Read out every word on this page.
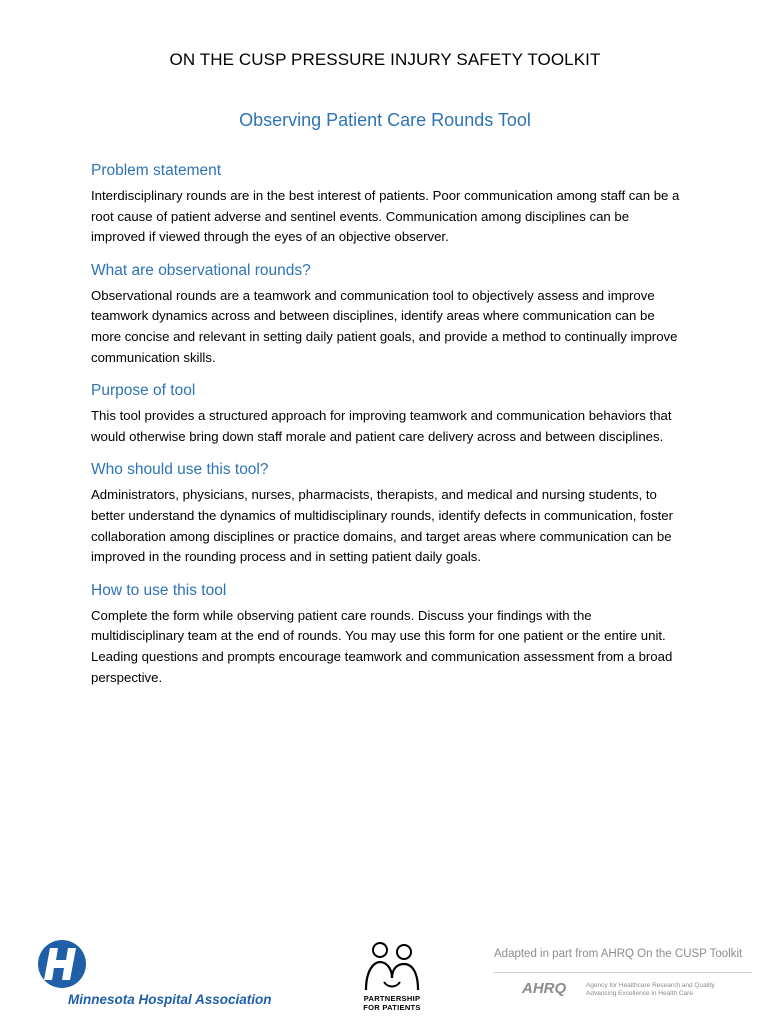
ON THE CUSP PRESSURE INJURY SAFETY TOOLKIT
Observing Patient Care Rounds Tool
Problem statement

Interdisciplinary rounds are in the best interest of patients. Poor communication among staff can be a root cause of patient adverse and sentinel events. Communication among disciplines can be improved if viewed through the eyes of an objective observer.

What are observational rounds?

Observational rounds are a teamwork and communication tool to objectively assess and improve teamwork dynamics across and between disciplines, identify areas where communication can be more concise and relevant in setting daily patient goals, and provide a method to continually improve communication skills.

Purpose of tool

This tool provides a structured approach for improving teamwork and communication behaviors that would otherwise bring down staff morale and patient care delivery across and between disciplines.

Who should use this tool?

Administrators, physicians, nurses, pharmacists, therapists, and medical and nursing students, to better understand the dynamics of multidisciplinary rounds, identify defects in communication, foster collaboration among disciplines or practice domains, and target areas where communication can be improved in the rounding process and in setting patient daily goals.

How to use this tool

Complete the form while observing patient care rounds. Discuss your findings with the multidisciplinary team at the end of rounds. You may use this form for one patient or the entire unit. Leading questions and prompts encourage teamwork and communication assessment from a broad perspective.

Minnesota Hospital Association	PARTNERSHIP
FOR PATIENTS
Adapted in part from AHRQ On the CUSP Toolkit
AHRQ	Agency for Healthcare Research and Quality
Advancing Excellence in Health Care
